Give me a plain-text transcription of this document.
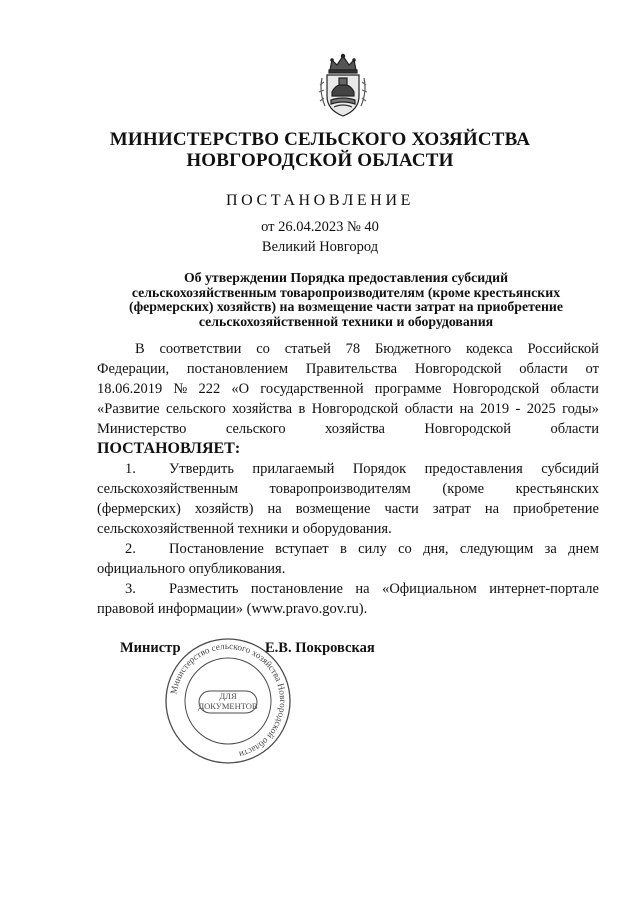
МИНИСТЕРСТВО СЕЛЬСКОГО ХОЗЯЙСТВА
НОВГОРОДСКОЙ ОБЛАСТИ
ПОСТАНОВЛЕНИЕ
от 26.04.2023 № 40
Великий Новгород
Об утверждении Порядка предоставления субсидий
сельскохозяйственным товаропроизводителям (кроме крестьянских
(фермерских) хозяйств) на возмещение части затрат на приобретение
сельскохозяйственной техники и оборудования
В соответствии со статьей 78 Бюджетного кодекса Российской
Федерации, постановлением Правительства Новгородской области от
18.06.2019 № 222 «О государственной программе Новгородской области
«Развитие сельского хозяйства в Новгородской области на 2019 - 2025 годы»
Министерство	сельского	хозяйства	Новгородской	области
ПОСТАНОВЛЯЕТ:
1. Утвердить прилагаемый Порядок предоставления субсидий
сельскохозяйственным товаропроизводителям (кроме крестьянских
(фермерских) хозяйств) на возмещение части затрат на приобретение
сельскохозяйственной техники и оборудования.
2. Постановление вступает в силу со дня, следующим за днем
официального опубликования.
3. Разместить постановление на «Официальном интернет-портале
правовой информации» (www.pravo.gov.ru).
Министерство сельского хозяйства Новгородской области
ДЛЯ
ДОКУМЕНТОВ
Министр	Е.В. Покровская
